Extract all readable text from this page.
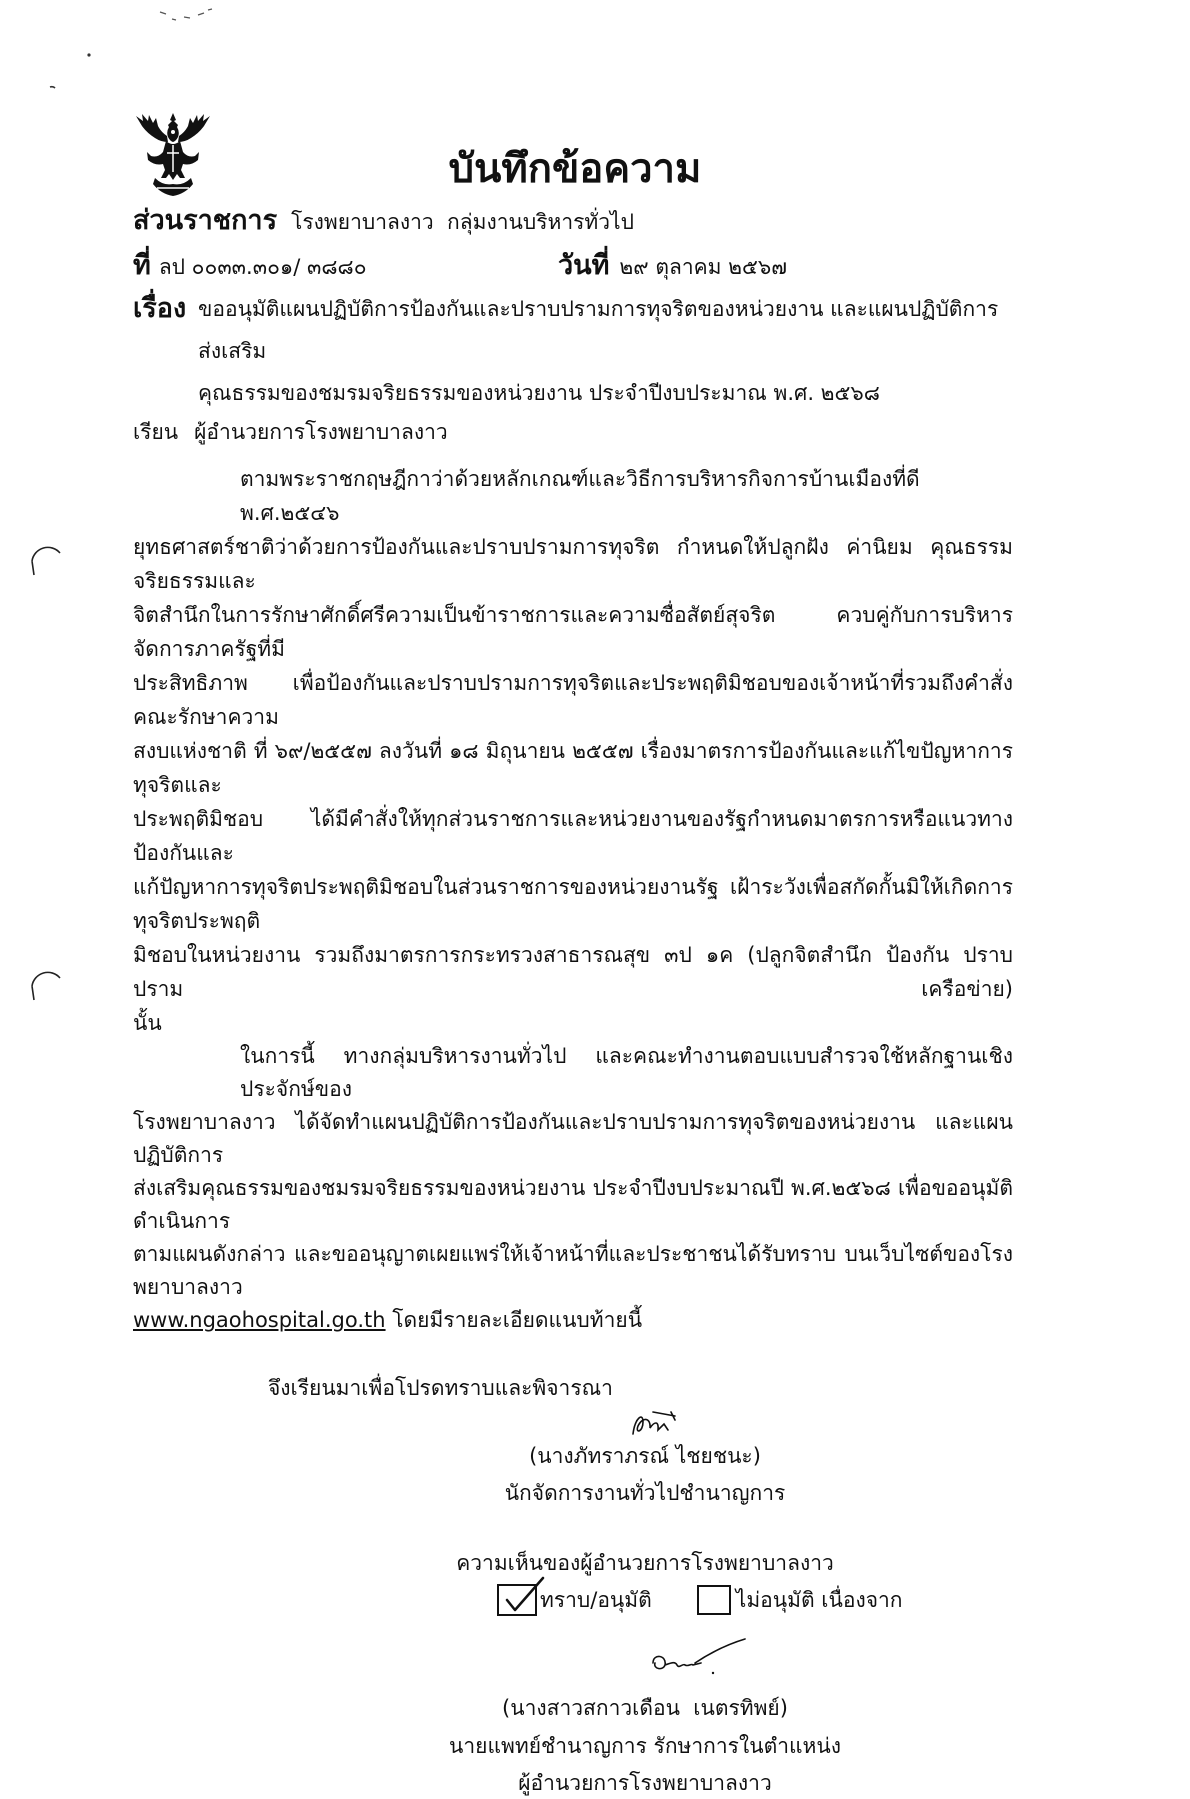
บันทึกข้อความ
ส่วนราชการ โรงพยาบาลงาว  กลุ่มงานบริหารทั่วไป
ที่ ลป ๐๐๓๓.๓๐๑/ ๓๘๘๐	วันที่ ๒๙ ตุลาคม ๒๕๖๗
เรื่อง ขออนุมัติแผนปฏิบัติการป้องกันและปราบปรามการทุจริตของหน่วยงาน และแผนปฏิบัติการส่งเสริม
คุณธรรมของชมรมจริยธรรมของหน่วยงาน ประจำปีงบประมาณ พ.ศ. ๒๕๖๘
เรียน ผู้อำนวยการโรงพยาบาลงาว
ตามพระราชกฤษฎีกาว่าด้วยหลักเกณฑ์และวิธีการบริหารกิจการบ้านเมืองที่ดี พ.ศ.๒๕๔๖
ยุทธศาสตร์ชาติว่าด้วยการป้องกันและปราบปรามการทุจริต กำหนดให้ปลูกฝัง ค่านิยม คุณธรรม จริยธรรมและ
จิตสำนึกในการรักษาศักดิ์ศรีความเป็นข้าราชการและความซื่อสัตย์สุจริต ควบคู่กับการบริหารจัดการภาครัฐที่มี
ประสิทธิภาพ เพื่อป้องกันและปราบปรามการทุจริตและประพฤติมิชอบของเจ้าหน้าที่รวมถึงคำสั่งคณะรักษาความ
สงบแห่งชาติ ที่ ๖๙/๒๕๕๗ ลงวันที่ ๑๘ มิถุนายน ๒๕๕๗ เรื่องมาตรการป้องกันและแก้ไขปัญหาการทุจริตและ
ประพฤติมิชอบ ได้มีคำสั่งให้ทุกส่วนราชการและหน่วยงานของรัฐกำหนดมาตรการหรือแนวทางป้องกันและ
แก้ปัญหาการทุจริตประพฤติมิชอบในส่วนราชการของหน่วยงานรัฐ เฝ้าระวังเพื่อสกัดกั้นมิให้เกิดการทุจริตประพฤติ
มิชอบในหน่วยงาน รวมถึงมาตรการกระทรวงสาธารณสุข ๓ป ๑ค (ปลูกจิตสำนึก ป้องกัน ปราบปราม เครือข่าย)
นั้น
ในการนี้ ทางกลุ่มบริหารงานทั่วไป และคณะทำงานตอบแบบสำรวจใช้หลักฐานเชิงประจักษ์ของ
โรงพยาบาลงาว ได้จัดทำแผนปฏิบัติการป้องกันและปราบปรามการทุจริตของหน่วยงาน และแผนปฏิบัติการ
ส่งเสริมคุณธรรมของชมรมจริยธรรมของหน่วยงาน ประจำปีงบประมาณปี พ.ศ.๒๕๖๘ เพื่อขออนุมัติดำเนินการ
ตามแผนดังกล่าว และขออนุญาตเผยแพร่ให้เจ้าหน้าที่และประชาชนได้รับทราบ บนเว็บไซต์ของโรงพยาบาลงาว
www.ngaohospital.go.th โดยมีรายละเอียดแนบท้ายนี้
จึงเรียนมาเพื่อโปรดทราบและพิจารณา
(นางภัทราภรณ์ ไชยชนะ)
นักจัดการงานทั่วไปชำนาญการ
ความเห็นของผู้อำนวยการโรงพยาบาลงาว
ทราบ/อนุมัติ	ไม่อนุมัติ เนื่องจาก
(นางสาวสกาวเดือน  เนตรทิพย์)
นายแพทย์ชำนาญการ รักษาการในตำแหน่ง
ผู้อำนวยการโรงพยาบาลงาว
